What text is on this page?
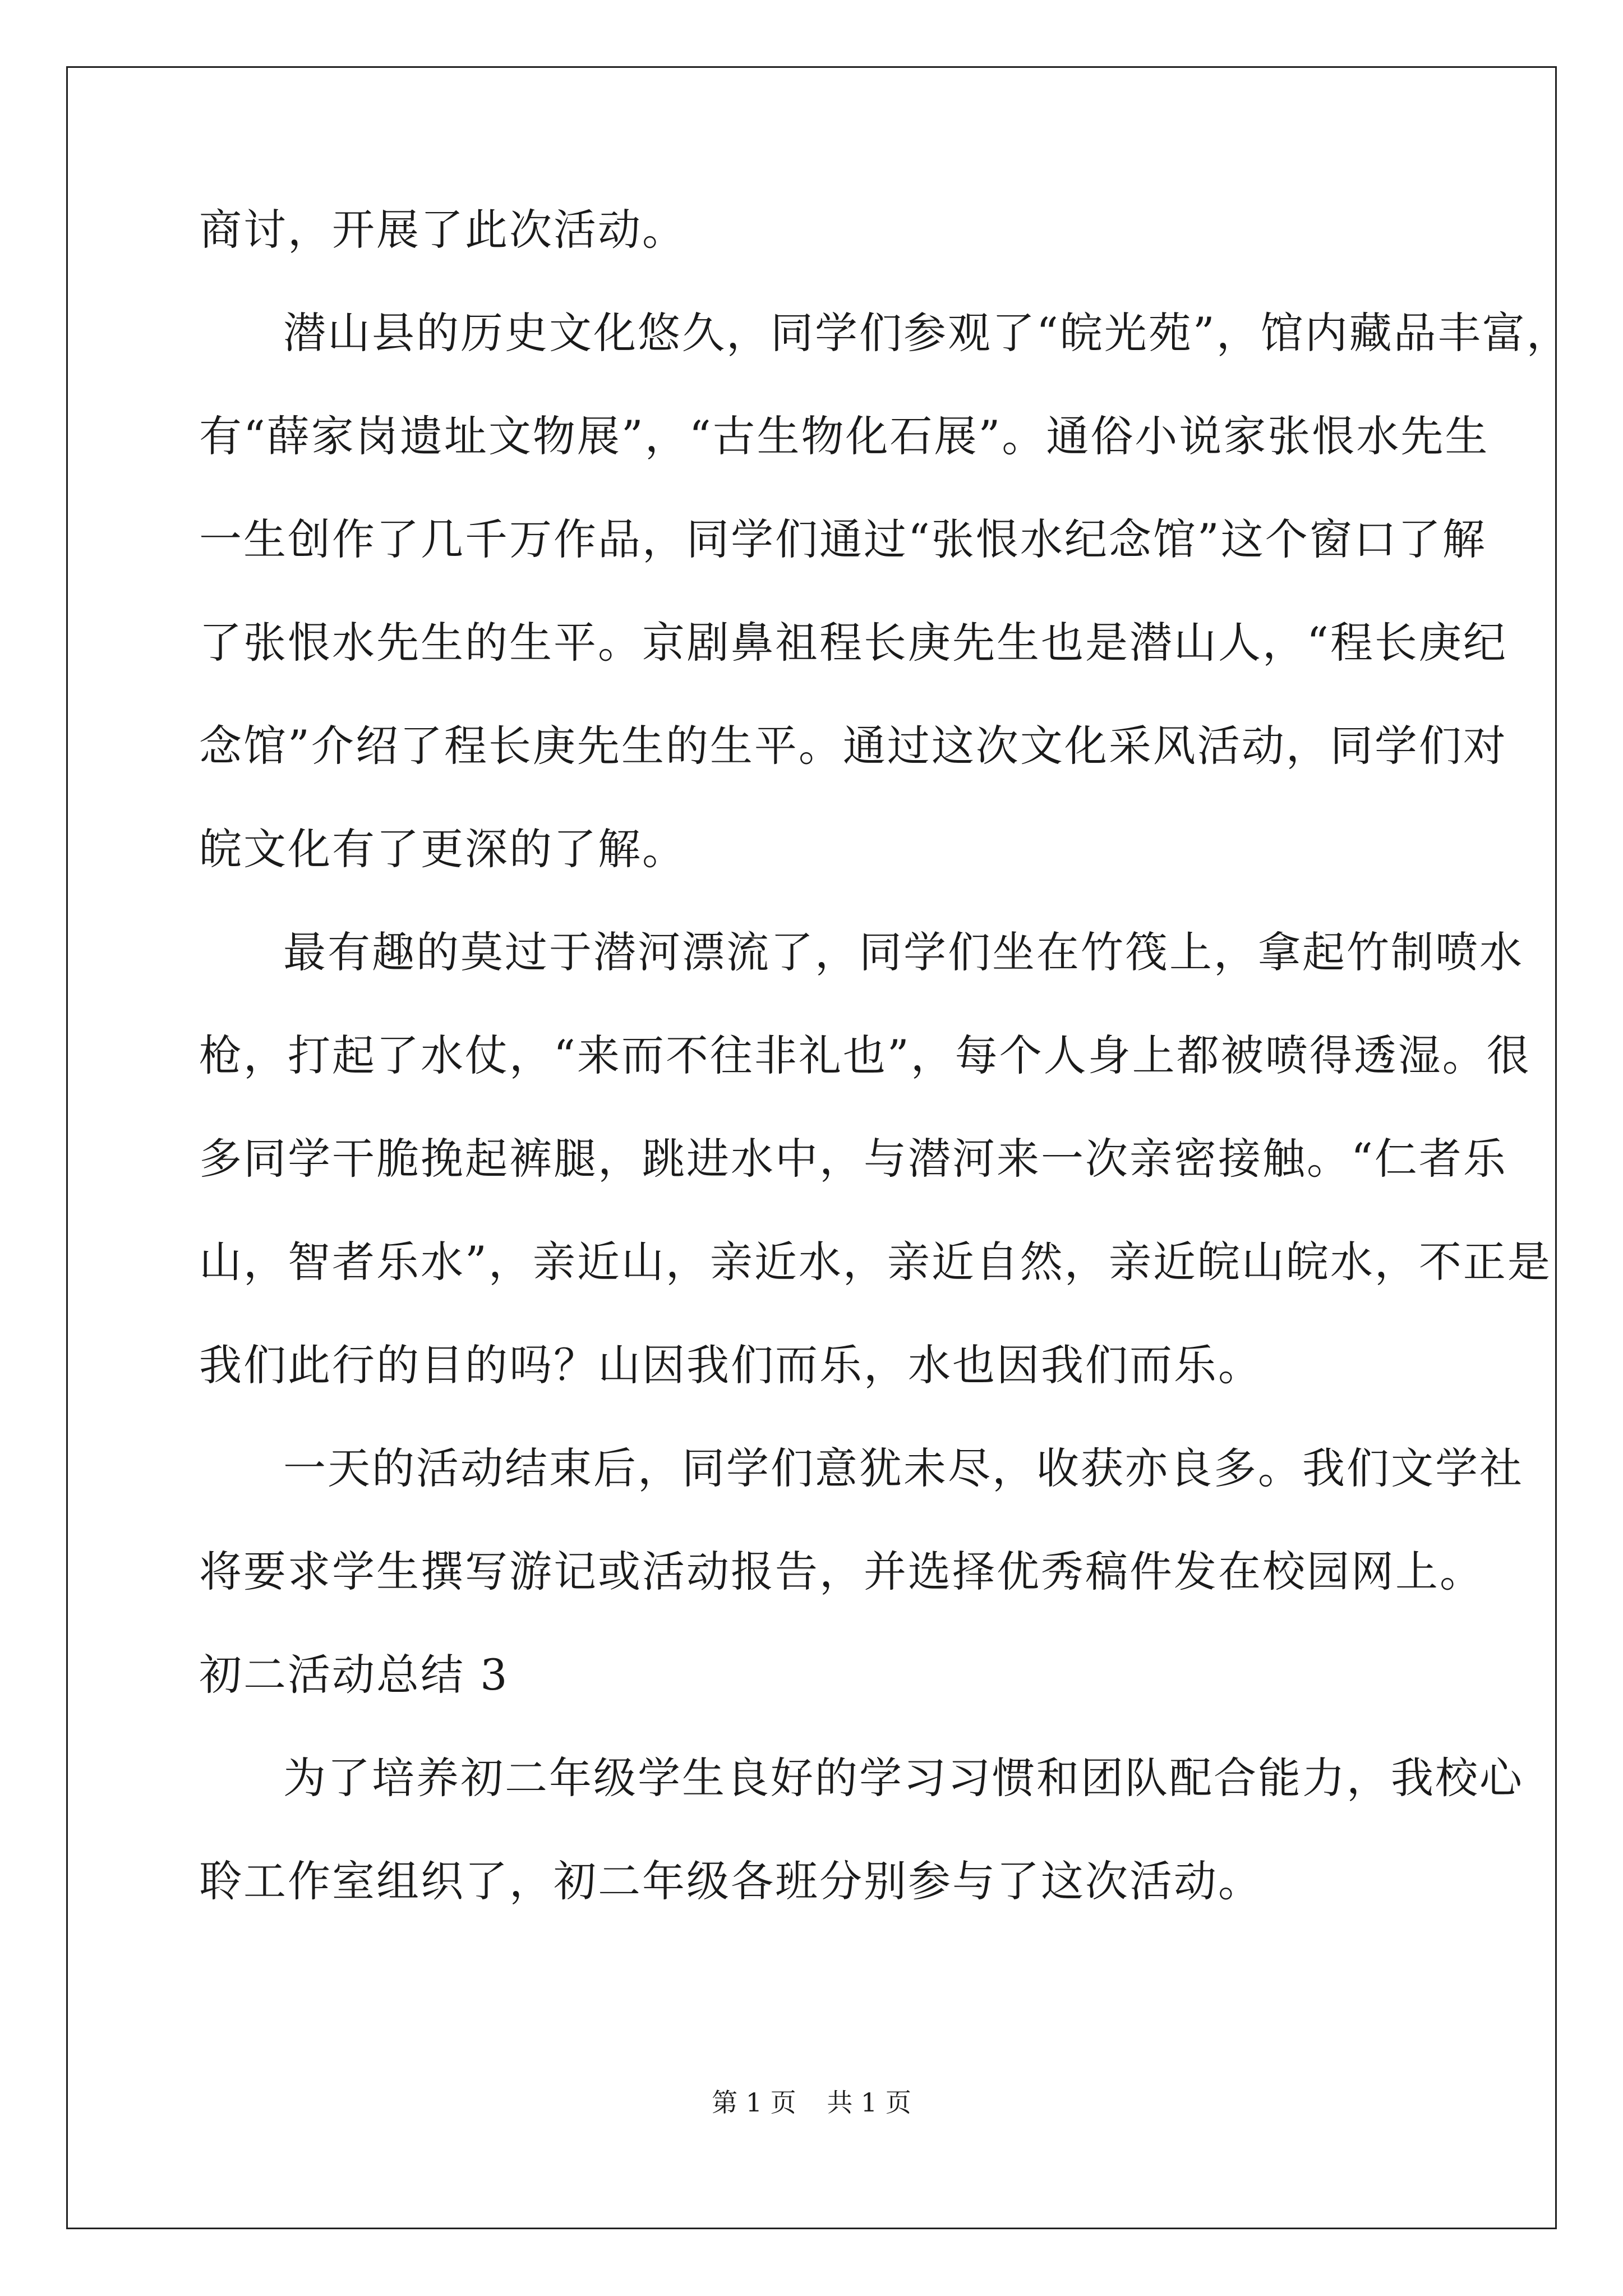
商讨，开展了此次活动。
潜山县的历史文化悠久，同学们参观了“皖光苑”，馆内藏品丰富，
有“薛家岗遗址文物展”，“古生物化石展”。通俗小说家张恨水先生
一生创作了几千万作品，同学们通过“张恨水纪念馆”这个窗口了解
了张恨水先生的生平。京剧鼻祖程长庚先生也是潜山人，“程长庚纪
念馆”介绍了程长庚先生的生平。通过这次文化采风活动，同学们对
皖文化有了更深的了解。
最有趣的莫过于潜河漂流了，同学们坐在竹筏上，拿起竹制喷水
枪，打起了水仗，“来而不往非礼也”，每个人身上都被喷得透湿。很
多同学干脆挽起裤腿，跳进水中，与潜河来一次亲密接触。“仁者乐
山，智者乐水”，亲近山，亲近水，亲近自然，亲近皖山皖水，不正是
我们此行的目的吗？山因我们而乐，水也因我们而乐。
一天的活动结束后，同学们意犹未尽，收获亦良多。我们文学社
将要求学生撰写游记或活动报告，并选择优秀稿件发在校园网上。
初二活动总结 3
为了培养初二年级学生良好的学习习惯和团队配合能力，我校心
聆工作室组织了，初二年级各班分别参与了这次活动。
第 1 页 共 1 页
